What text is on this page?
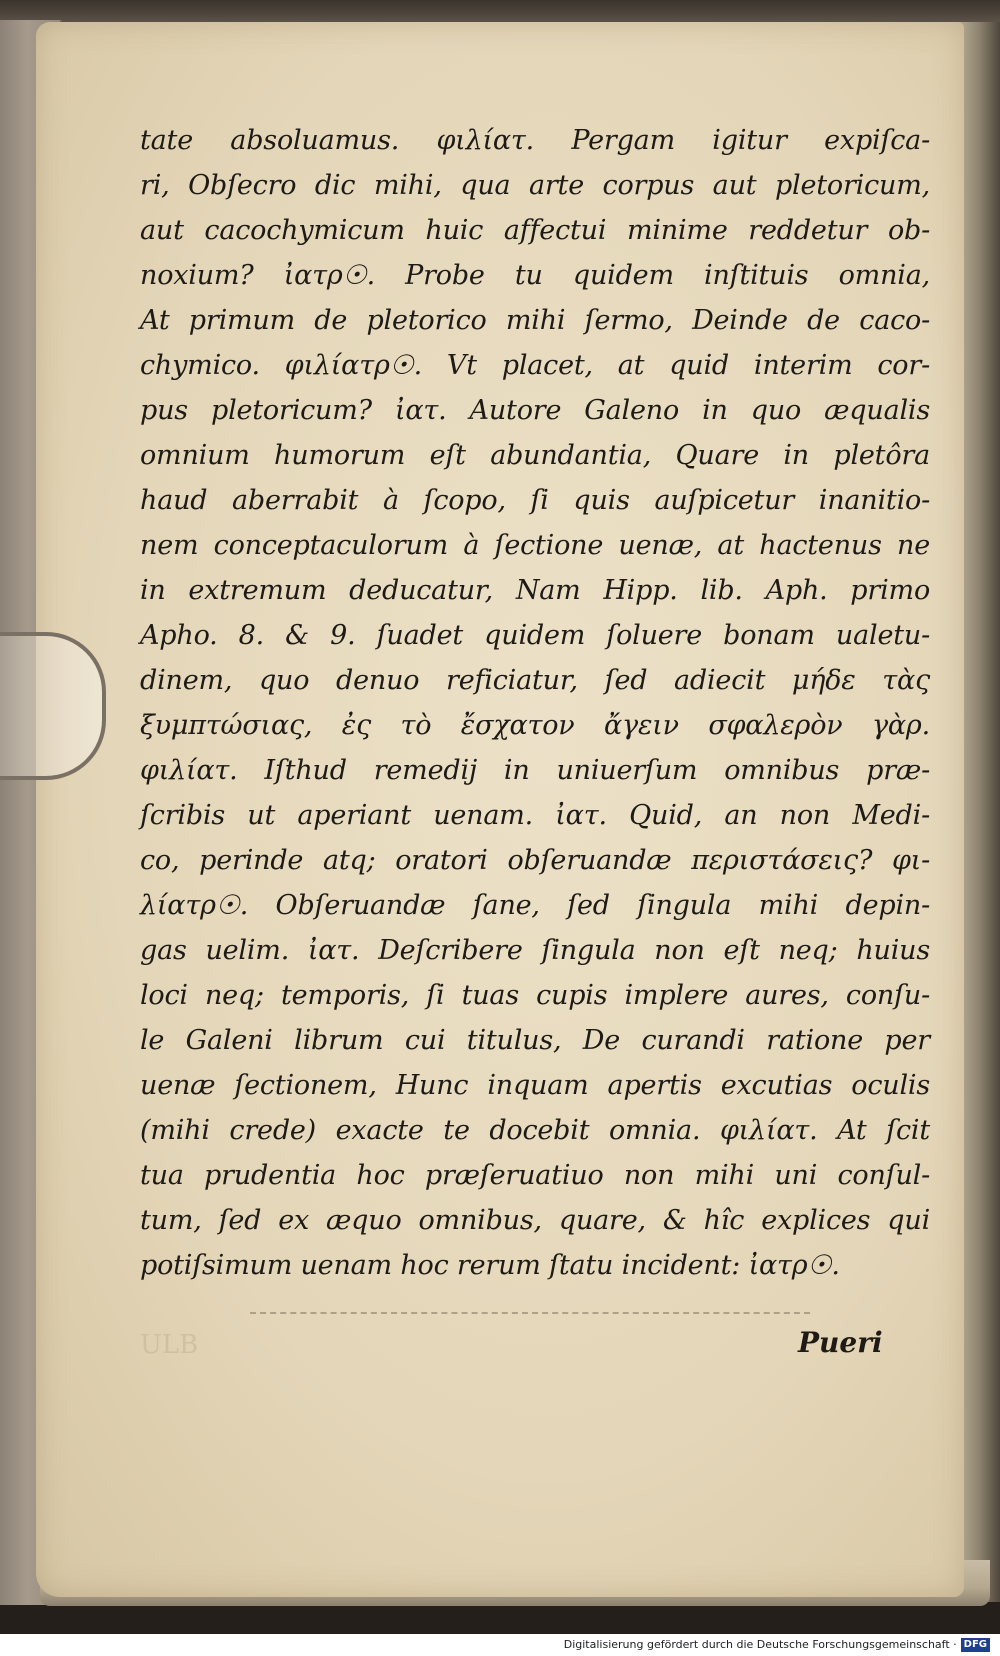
tate absoluamus. φιλίατ. Pergam igitur expiſca-
ri, Obſecro dic mihi, qua arte corpus aut pletoricum,
aut cacochymicum huic affectui minime reddetur ob-
noxium? ἰατρ☉. Probe tu quidem inſtituis omnia,
At primum de pletorico mihi ſermo, Deinde de caco-
chymico. φιλίατρ☉. Vt placet, at quid interim cor-
pus pletoricum? ἰατ. Autore Galeno in quo æqualis
omnium humorum eſt abundantia, Quare in pletôra
haud aberrabit à ſcopo, ſi quis auſpicetur inanitio-
nem conceptaculorum à ſectione uenæ, at hactenus ne
in extremum deducatur, Nam Hipp. lib. Aph. primo
Apho. 8. & 9. ſuadet quidem ſoluere bonam ualetu-
dinem, quo denuo reficiatur, ſed adiecit μήδε τὰς
ξυμπτώσιας, ἐς τὸ ἔσχατον ἄγειν σφαλερὸν γὰρ.
φιλίατ. Iſthud remedij in uniuerſum omnibus præ-
ſcribis ut aperiant uenam. ἰατ. Quid, an non Medi-
co, perinde atq; oratori obſeruandæ περιστάσεις? φι-
λίατρ☉. Obſeruandæ ſane, ſed ſingula mihi depin-
gas uelim. ἰατ. Deſcribere ſingula non eſt neq; huius
loci neq; temporis, ſi tuas cupis implere aures, conſu-
le Galeni librum cui titulus, De curandi ratione per
uenæ ſectionem, Hunc inquam apertis excutias oculis
(mihi crede) exacte te docebit omnia. φιλίατ. At ſcit
tua prudentia hoc præſeruatiuo non mihi uni conſul-
tum, ſed ex æquo omnibus, quare, & hîc explices qui
potiſsimum uenam hoc rerum ſtatu incident: ἰατρ☉.
ULB	Pueri
Digitalisierung gefördert durch die Deutsche Forschungsgemeinschaft · DFG
